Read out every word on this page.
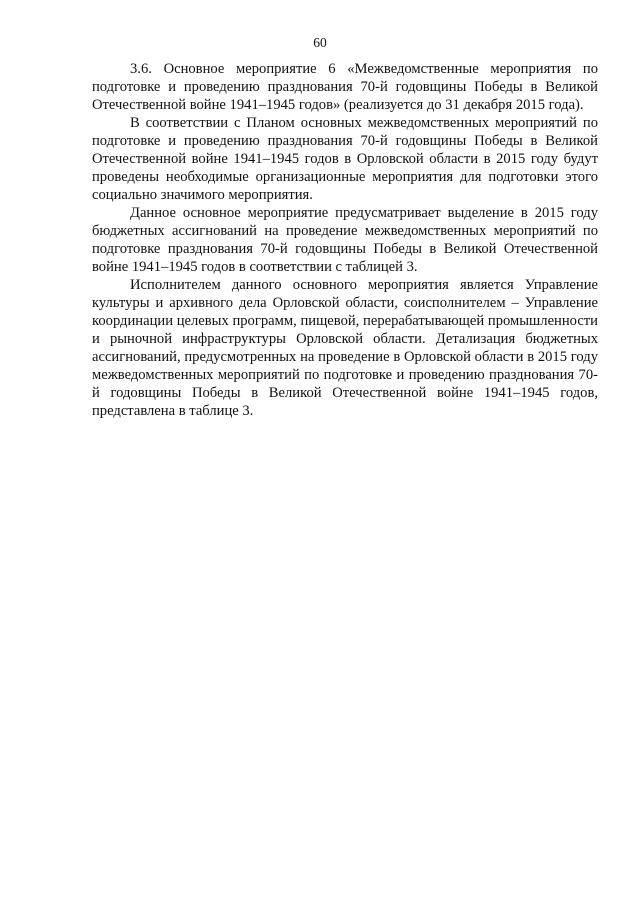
60

3.6. Основное мероприятие 6 «Межведомственные мероприятия по подготовке и проведению празднования 70-й годовщины Победы в Великой Отечественной войне 1941–1945 годов» (реализуется до 31 декабря 2015 года).

В соответствии с Планом основных межведомственных мероприятий по подготовке и проведению празднования 70-й годовщины Победы в Великой Отечественной войне 1941–1945 годов в Орловской области в 2015 году будут проведены необходимые организационные мероприятия для подготовки этого социально значимого мероприятия.

Данное основное мероприятие предусматривает выделение в 2015 году бюджетных ассигнований на проведение межведомственных мероприятий по подготовке празднования 70-й годовщины Победы в Великой Отечественной войне 1941–1945 годов в соответствии с таблицей 3.

Исполнителем данного основного мероприятия является Управление культуры и архивного дела Орловской области, соисполнителем – Управление координации целевых программ, пищевой, перерабатывающей промышленности и рыночной инфраструктуры Орловской области. Детализация бюджетных ассигнований, предусмотренных на проведение в Орловской области в 2015 году межведомственных мероприятий по подготовке и проведению празднования 70-й годовщины Победы в Великой Отечественной войне 1941–1945 годов, представлена в таблице 3.
